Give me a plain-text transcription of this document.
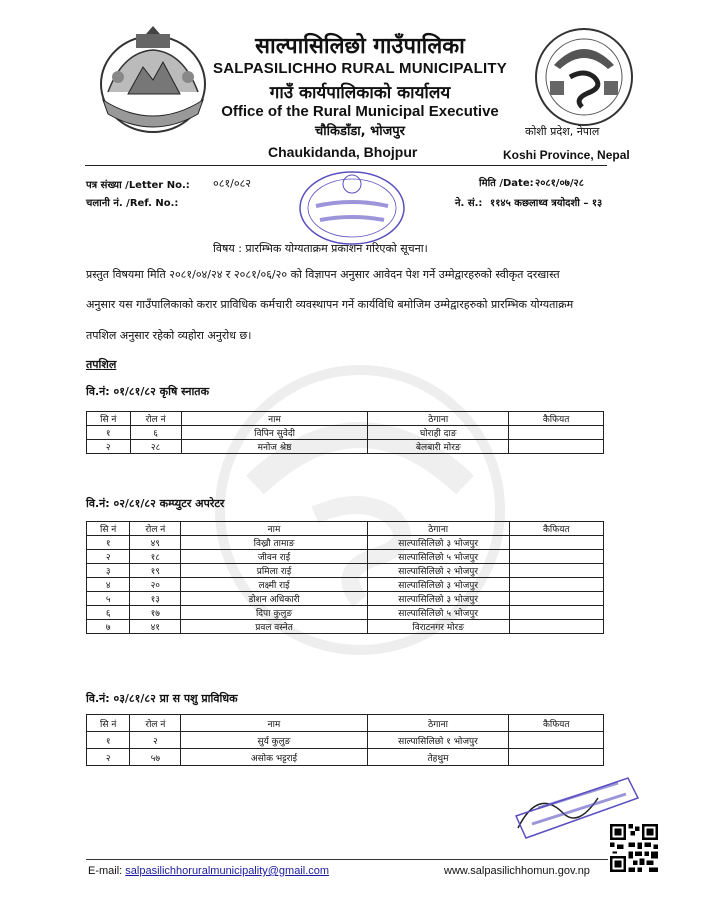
साल्पासिलिछो गाउँपालिका
SALPASILICHHO RURAL MUNICIPALITY
गाउँ कार्यपालिकाको कार्यालय
Office of the Rural Municipal Executive
चौकिडाँडा, भोजपुर	कोशी प्रदेश, नेपाल
Chaukidanda, Bhojpur	Koshi Province, Nepal
पत्र संख्या /Letter No.: ०८१/०८२
चलानी नं. /Ref. No.:
मिति /Date: २०८१/०७/२८
ने. सं.: ११४५ कछलाथ्व त्रयोदशी – १३
विषय : प्रारम्भिक योग्यताक्रम प्रकाशन गरिएको सूचना।
प्रस्तुत विषयमा मिति २०८१/०४/२४ र २०८१/०६/२० को विज्ञापन अनुसार आवेदन पेश गर्ने उम्मेद्वारहरुको स्वीकृत दरखास्त
अनुसार यस गाउँपालिकाको करार प्राविधिक कर्मचारी व्यवस्थापन गर्ने कार्यविधि बमोजिम उम्मेद्वारहरुको प्रारम्भिक योग्यताक्रम
तपशिल अनुसार रहेको व्यहोरा अनुरोध छ।
तपशिल
वि.नं: ०१/८१/८२ कृषि स्नातक
सि नं	रोल नं	नाम	ठेगाना	कैफियत
१	६	विपिन सुवेदी	घोराही दाङ	
२	२८	मनोज श्रेष्ठ	बेलबारी मोरङ	
वि.नं: ०२/८१/८२ कम्प्युटर अपरेटर
सि नं	रोल नं	नाम	ठेगाना	कैफियत
१	४९	विख्रौ तामाङ	साल्पासिलिछो ३ भोजपुर	
२	१८	जीवन राई	साल्पासिलिछो ५ भोजपुर	
३	१९	प्रमिला राई	साल्पासिलिछो २ भोजपुर	
४	२०	लक्ष्मी राई	साल्पासिलिछो ३ भोजपुर	
५	१३	डोशन अधिकारी	साल्पासिलिछो ३ भोजपुर	
६	१७	दिपा कुलुङ	साल्पासिलिछो ५ भोजपुर	
७	४१	प्रवल वस्नेत	विराटनगर मोरङ	
वि.नं: ०३/८१/८२ प्रा स पशु प्राविधिक
सि नं	रोल नं	नाम	ठेगाना	कैफियत
१	२	सुर्य कुलुङ	साल्पासिलिछो १ भोजपुर	
२	५७	असोक भट्टराई	तेहथुम	
E-mail: salpasilichhoruralmunicipality@gmail.com	www.salpasilichhomun.gov.np
